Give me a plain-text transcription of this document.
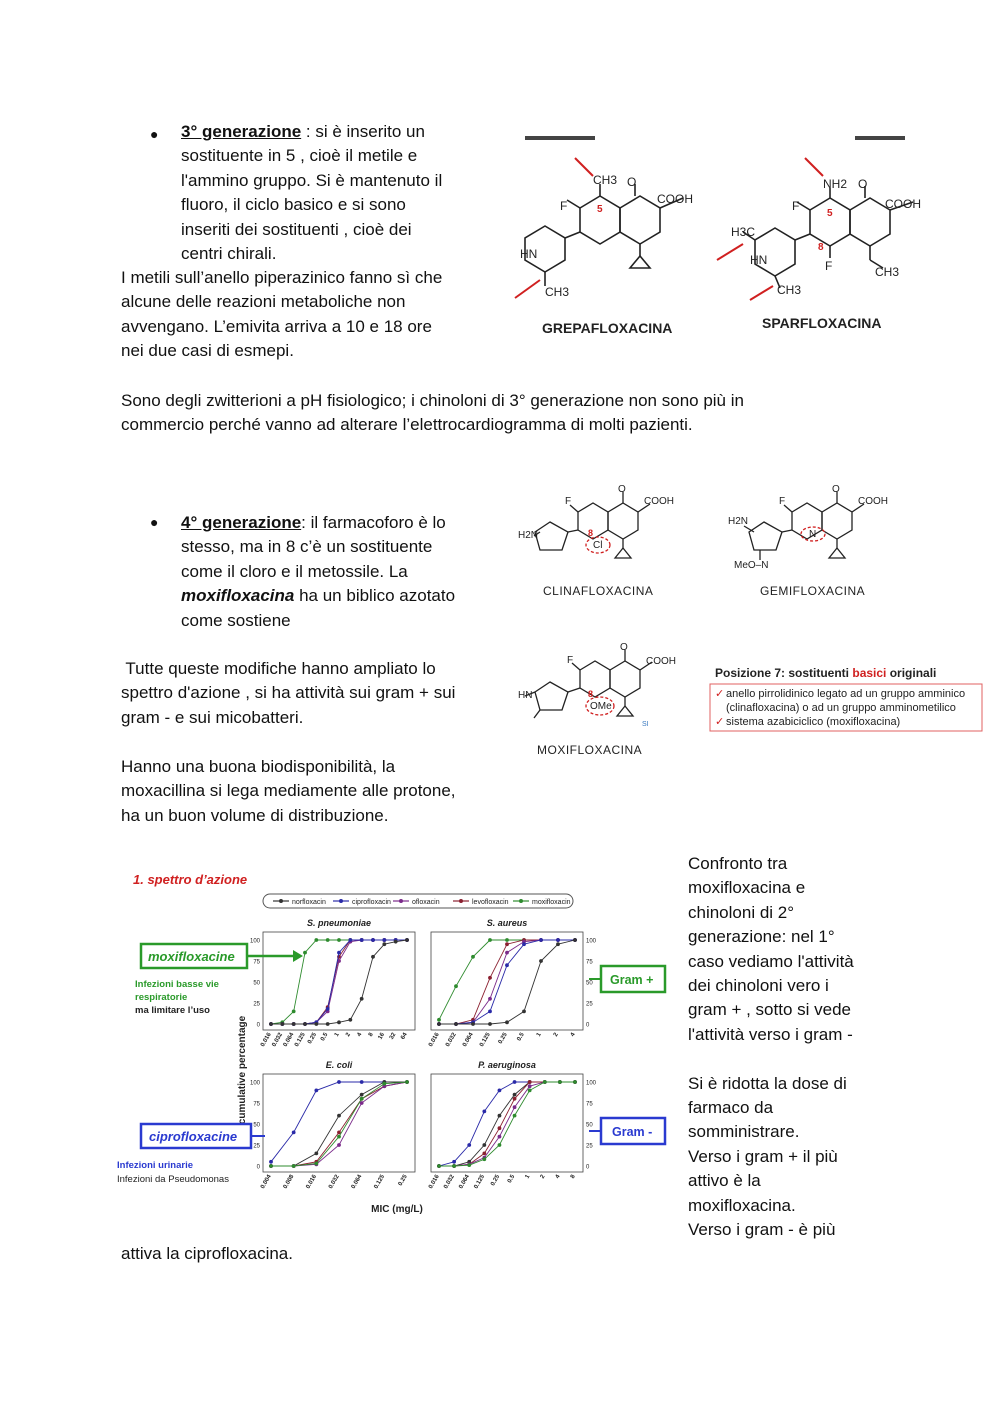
● 3° generazione : si è inserito un
sostituente in 5 , cioè il metile e
l'ammino gruppo. Si è mantenuto il
fluoro, il ciclo basico e si sono
inseriti dei sostituenti , cioè dei
centri chirali.
I metili sull’anello piperazinico fanno sì che
alcune delle reazioni metaboliche non
avvengano. L’emivita arriva a 10 e 18 ore
nei due casi di esmepi.
Sono degli zwitterioni a pH fisiologico; i chinoloni di 3° generazione non sono più in
commercio perché vanno ad alterare l’elettrocardiogramma di molti pazienti.
CH3 O
COOH
F
HN
CH3
5
GREPAFLOXACINA
NH2 O
COOH
F
F
H3C
HN
CH3
CH3
5
8
SPARFLOXACINA
● 4° generazione: il farmacoforo è lo
stesso, ma in 8 c’è un sostituente
come il cloro e il metossile. La
moxifloxacina ha un biblico azotato
come sostiene
Tutte queste modifiche hanno ampliato lo
spettro d'azione , si ha attività sui gram + sui
gram - e sui micobatteri.
Hanno una buona biodisponibilità, la
moxacillina si lega mediamente alle protone,
ha un buon volume di distribuzione.
O
COOH
F
H2N
Cl
8
CLINAFLOXACINA
O
COOH
F
H2N
MeO–N
N
GEMIFLOXACINA
O
COOH
F
HN
OMe
8
SI
MOXIFLOXACINA
Posizione 7: sostituenti basici originali
✓ anello pirrolidinico legato ad un gruppo amminico
(clinafloxacina) o ad un gruppo amminometilico
✓ sistema azabiciclico (moxifloxacina)
1. spettro d’azione
norfloxacin	ciprofloxacin	ofloxacin	levofloxacin	moxifloxacin
S. pneumoniae
0
25
50
75
100
0.016
0.032
0.064
0.125 0.25 0.5 1 2 4 8 16 32 64
S. aureus
0
25
50
75
100
0.016 0.032 0.064 0.125 0.25 0.5 1 2 4
E. coli
0
25
50
75
100
0.004 0.008 0.016 0.032 0.064 0.125 0.25
P. aeruginosa
0
25
50
75
100
0.016 0.032 0.064 0.125 0.25 0.5 1 2 4 8
cumulative percentage
MIC (mg/L)
moxifloxacine
Infezioni basse vie
respiratorie
ma limitare l’uso
ciprofloxacine
Infezioni urinarie
Infezioni da Pseudomonas
Gram +
Gram -
Confronto tra
moxifloxacina e
chinoloni di 2°
generazione: nel 1°
caso vediamo l'attività
dei chinoloni vero i
gram + , sotto si vede
l'attività verso i gram -
Si è ridotta la dose di
farmaco da
somministrare.
Verso i gram + il più
attivo è la
moxifloxacina.
Verso i gram - è più
attiva la ciprofloxacina.
